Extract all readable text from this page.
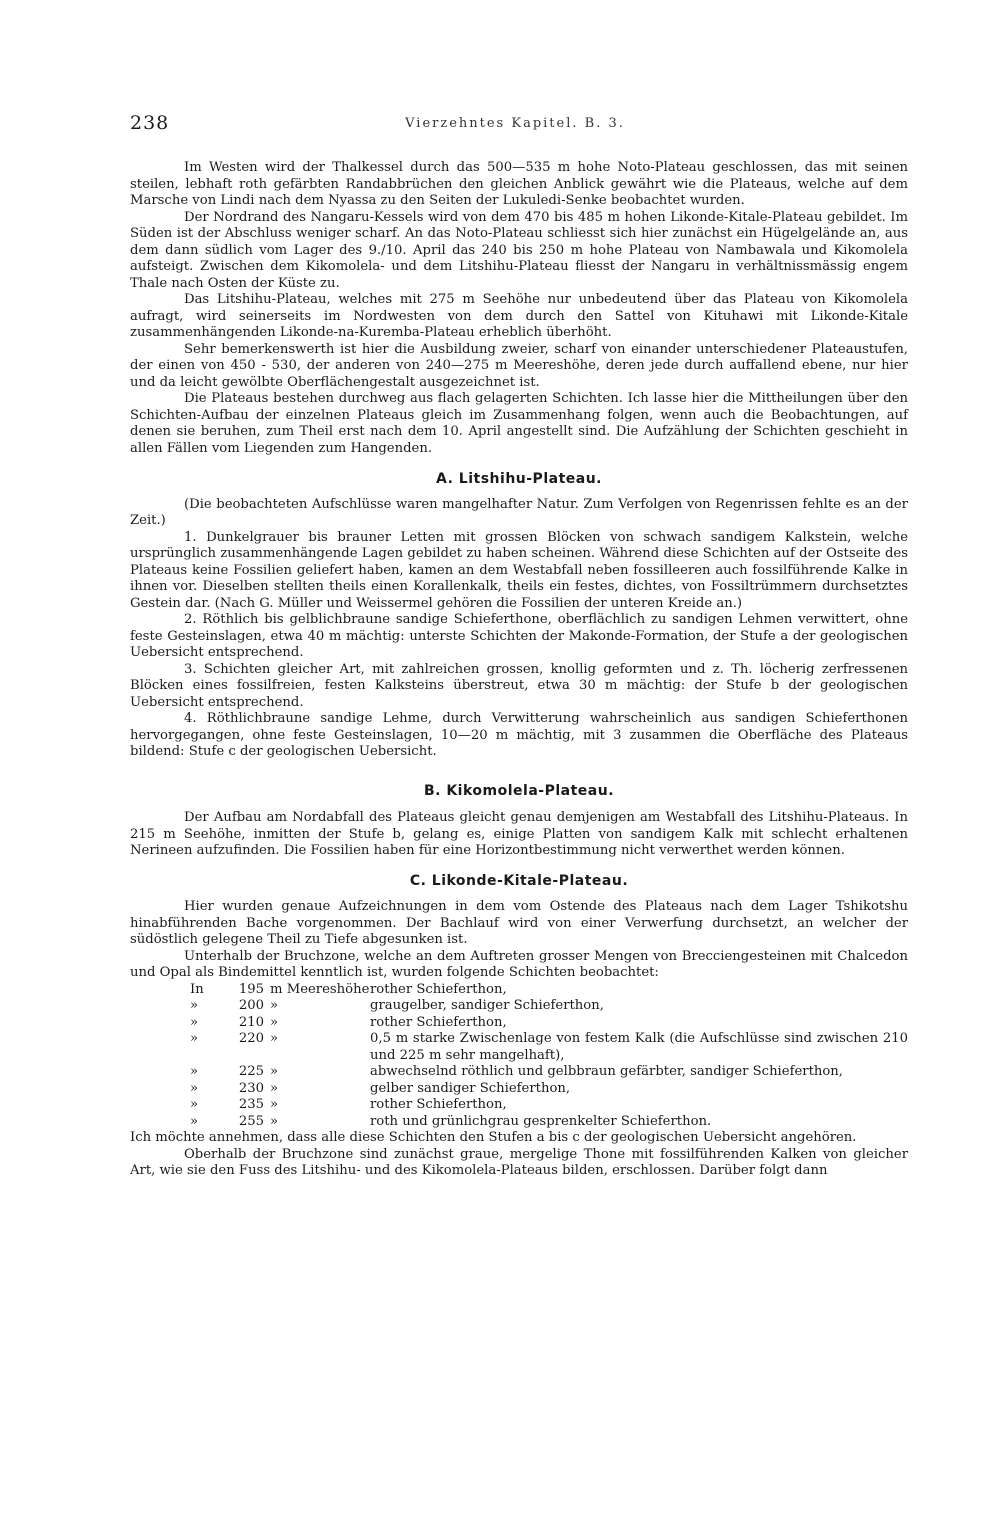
238	Vierzehntes Kapitel. B. 3.

Im Westen wird der Thalkessel durch das 500—535 m hohe Noto-Plateau geschlossen, das mit seinen steilen, lebhaft roth gefärbten Randabbrüchen den gleichen Anblick gewährt wie die Plateaus, welche auf dem Marsche von Lindi nach dem Nyassa zu den Seiten der Lukuledi-Senke beobachtet wurden.

Der Nordrand des Nangaru-Kessels wird von dem 470 bis 485 m hohen Likonde-Kitale-Plateau gebildet. Im Süden ist der Abschluss weniger scharf. An das Noto-Plateau schliesst sich hier zunächst ein Hügelgelände an, aus dem dann südlich vom Lager des 9./10. April das 240 bis 250 m hohe Plateau von Nambawala und Kikomolela aufsteigt. Zwischen dem Kikomolela- und dem Litshihu-Plateau fliesst der Nangaru in verhältnissmässig engem Thale nach Osten der Küste zu.

Das Litshihu-Plateau, welches mit 275 m Seehöhe nur unbedeutend über das Plateau von Kikomolela aufragt, wird seinerseits im Nordwesten von dem durch den Sattel von Kituhawi mit Likonde-Kitale zusammenhängenden Likonde-na-Kuremba-Plateau erheblich überhöht.

Sehr bemerkenswerth ist hier die Ausbildung zweier, scharf von einander unterschiedener Plateaustufen, der einen von 450 - 530, der anderen von 240—275 m Meereshöhe, deren jede durch auffallend ebene, nur hier und da leicht gewölbte Oberflächengestalt ausgezeichnet ist.

Die Plateaus bestehen durchweg aus flach gelagerten Schichten. Ich lasse hier die Mittheilungen über den Schichten-Aufbau der einzelnen Plateaus gleich im Zusammenhang folgen, wenn auch die Beobachtungen, auf denen sie beruhen, zum Theil erst nach dem 10. April angestellt sind. Die Aufzählung der Schichten geschieht in allen Fällen vom Liegenden zum Hangenden.

A. Litshihu-Plateau.

(Die beobachteten Aufschlüsse waren mangelhafter Natur. Zum Verfolgen von Regenrissen fehlte es an der Zeit.)

1. Dunkelgrauer bis brauner Letten mit grossen Blöcken von schwach sandigem Kalkstein, welche ursprünglich zusammenhängende Lagen gebildet zu haben scheinen. Während diese Schichten auf der Ostseite des Plateaus keine Fossilien geliefert haben, kamen an dem Westabfall neben fossilleeren auch fossilführende Kalke in ihnen vor. Dieselben stellten theils einen Korallenkalk, theils ein festes, dichtes, von Fossiltrümmern durchsetztes Gestein dar. (Nach G. Müller und Weissermel gehören die Fossilien der unteren Kreide an.)

2. Röthlich bis gelblichbraune sandige Schieferthone, oberflächlich zu sandigen Lehmen verwittert, ohne feste Gesteinslagen, etwa 40 m mächtig: unterste Schichten der Makonde-Formation, der Stufe a der geologischen Uebersicht entsprechend.

3. Schichten gleicher Art, mit zahlreichen grossen, knollig geformten und z. Th. löcherig zerfressenen Blöcken eines fossilfreien, festen Kalksteins überstreut, etwa 30 m mächtig: der Stufe b der geologischen Uebersicht entsprechend.

4. Röthlichbraune sandige Lehme, durch Verwitterung wahrscheinlich aus sandigen Schieferthonen hervorgegangen, ohne feste Gesteinslagen, 10—20 m mächtig, mit 3 zusammen die Oberfläche des Plateaus bildend: Stufe c der geologischen Uebersicht.

B. Kikomolela-Plateau.

Der Aufbau am Nordabfall des Plateaus gleicht genau demjenigen am Westabfall des Litshihu-Plateaus. In 215 m Seehöhe, inmitten der Stufe b, gelang es, einige Platten von sandigem Kalk mit schlecht erhaltenen Nerineen aufzufinden. Die Fossilien haben für eine Horizontbestimmung nicht verwerthet werden können.

C. Likonde-Kitale-Plateau.

Hier wurden genaue Aufzeichnungen in dem vom Ostende des Plateaus nach dem Lager Tshikotshu hinabführenden Bache vorgenommen. Der Bachlauf wird von einer Verwerfung durchsetzt, an welcher der südöstlich gelegene Theil zu Tiefe abgesunken ist.

Unterhalb der Bruchzone, welche an dem Auftreten grosser Mengen von Brecciengesteinen mit Chalcedon und Opal als Bindemittel kenntlich ist, wurden folgende Schichten beobachtet:

In	195 m Meereshöhe rother Schieferthon,
»	200 »	graugelber, sandiger Schieferthon,
»	210 »	rother Schieferthon,
»	220 »	0,5 m starke Zwischenlage von festem Kalk (die Aufschlüsse sind zwischen 210 und 225 m sehr mangelhaft),
»	225 »	abwechselnd röthlich und gelbbraun gefärbter, sandiger Schieferthon,
»	230 »	gelber sandiger Schieferthon,
»	235 »	rother Schieferthon,
»	255 »	roth und grünlichgrau gesprenkelter Schieferthon.

Ich möchte annehmen, dass alle diese Schichten den Stufen a bis c der geologischen Uebersicht angehören.

Oberhalb der Bruchzone sind zunächst graue, mergelige Thone mit fossilführenden Kalken von gleicher Art, wie sie den Fuss des Litshihu- und des Kikomolela-Plateaus bilden, erschlossen. Darüber folgt dann
